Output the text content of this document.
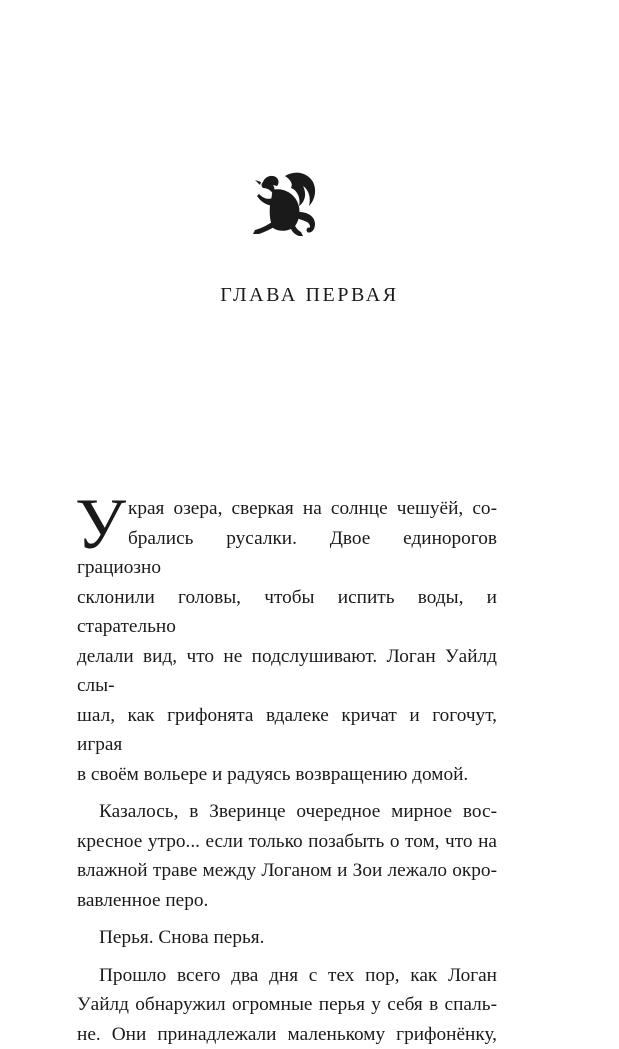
ГЛАВА ПЕРВАЯ
У края озера, сверкая на солнце чешуёй, со-
брались русалки. Двое единорогов грациозно
склонили головы, чтобы испить воды, и старательно
делали вид, что не подслушивают. Логан Уайлд слы-
шал, как грифонята вдалеке кричат и гогочут, играя
в своём вольере и радуясь возвращению домой.
Казалось, в Зверинце очередное мирное вос-
кресное утро... если только позабыть о том, что на
влажной траве между Логаном и Зои лежало окро-
вавленное перо.
Перья. Снова перья.
Прошло всего два дня с тех пор, как Логан
Уайлд обнаружил огромные перья у себя в спаль-
не. Они принадлежали маленькому грифонёнку,
